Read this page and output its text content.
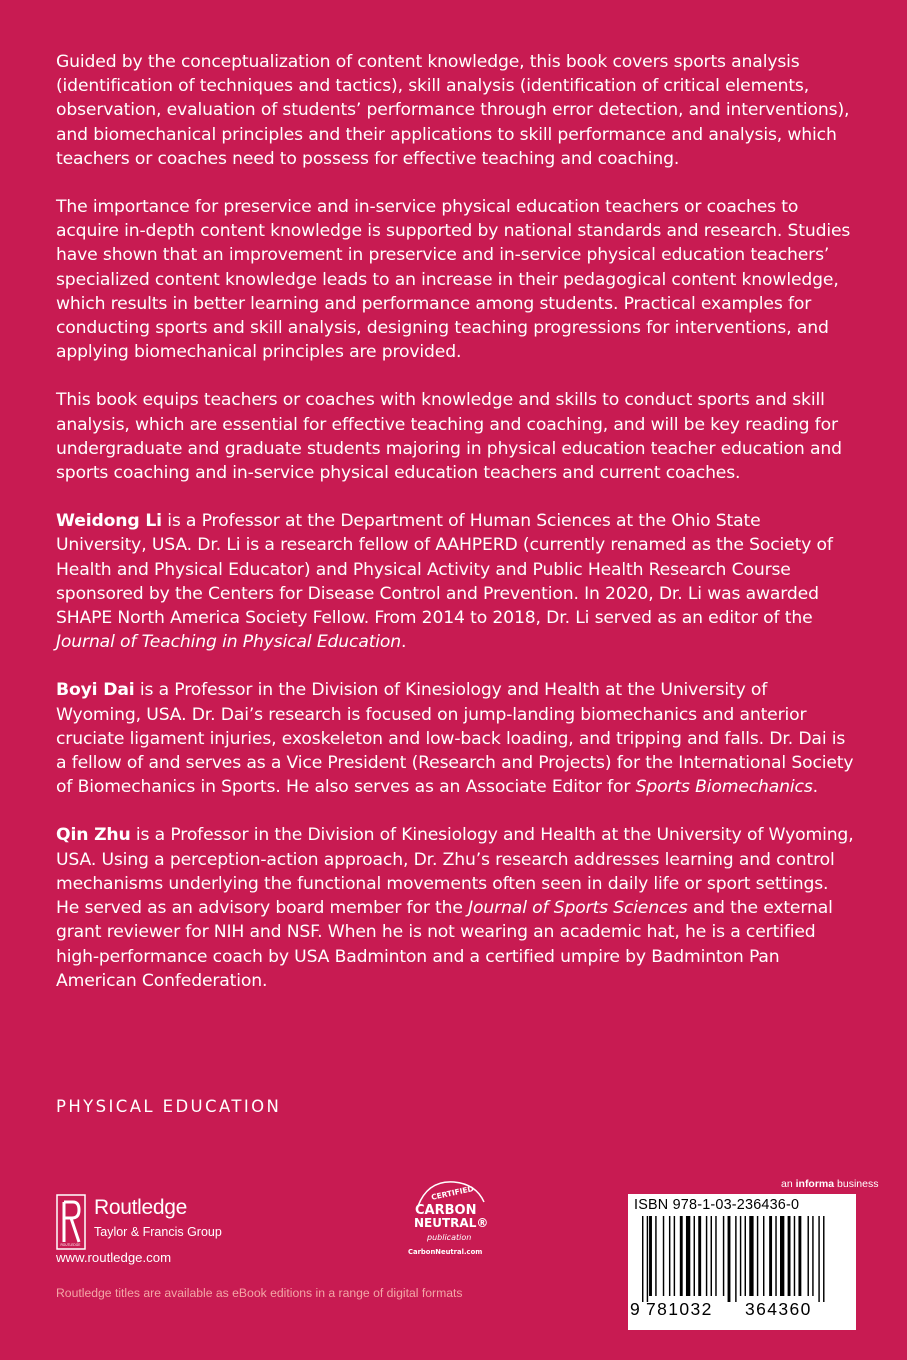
Guided by the conceptualization of content knowledge, this book covers sports analysis (identification of techniques and tactics), skill analysis (identification of critical elements, observation, evaluation of students’ performance through error detection, and interventions), and biomechanical principles and their applications to skill performance and analysis, which teachers or coaches need to possess for effective teaching and coaching.

The importance for preservice and in-service physical education teachers or coaches to acquire in-depth content knowledge is supported by national standards and research. Studies have shown that an improvement in preservice and in-service physical education teachers’ specialized content knowledge leads to an increase in their pedagogical content knowledge, which results in better learning and performance among students. Practical examples for conducting sports and skill analysis, designing teaching progressions for interventions, and applying biomechanical principles are provided.

This book equips teachers or coaches with knowledge and skills to conduct sports and skill analysis, which are essential for effective teaching and coaching, and will be key reading for undergraduate and graduate students majoring in physical education teacher education and sports coaching and in-service physical education teachers and current coaches.

Weidong Li is a Professor at the Department of Human Sciences at the Ohio State University, USA. Dr. Li is a research fellow of AAHPERD (currently renamed as the Society of Health and Physical Educator) and Physical Activity and Public Health Research Course sponsored by the Centers for Disease Control and Prevention. In 2020, Dr. Li was awarded SHAPE North America Society Fellow. From 2014 to 2018, Dr. Li served as an editor of the Journal of Teaching in Physical Education.

Boyi Dai is a Professor in the Division of Kinesiology and Health at the University of Wyoming, USA. Dr. Dai’s research is focused on jump-landing biomechanics and anterior cruciate ligament injuries, exoskeleton and low-back loading, and tripping and falls. Dr. Dai is a fellow of and serves as a Vice President (Research and Projects) for the International Society of Biomechanics in Sports. He also serves as an Associate Editor for Sports Biomechanics.

Qin Zhu is a Professor in the Division of Kinesiology and Health at the University of Wyoming, USA. Using a perception-action approach, Dr. Zhu’s research addresses learning and control mechanisms underlying the functional movements often seen in daily life or sport settings. He served as an advisory board member for the Journal of Sports Sciences and the external grant reviewer for NIH and NSF. When he is not wearing an academic hat, he is a certified high-performance coach by USA Badminton and a certified umpire by Badminton Pan American Confederation.

PHYSICAL EDUCATION
ROUTLEDGE
Routledge
Taylor & Francis Group
www.routledge.com
Routledge titles are available as eBook editions in a range of digital formats
CERTIFIED
CARBON
NEUTRAL®
publication
CarbonNeutral.com
an informa business
ISBN 978-1-03-236436-0
9 781032 364360
